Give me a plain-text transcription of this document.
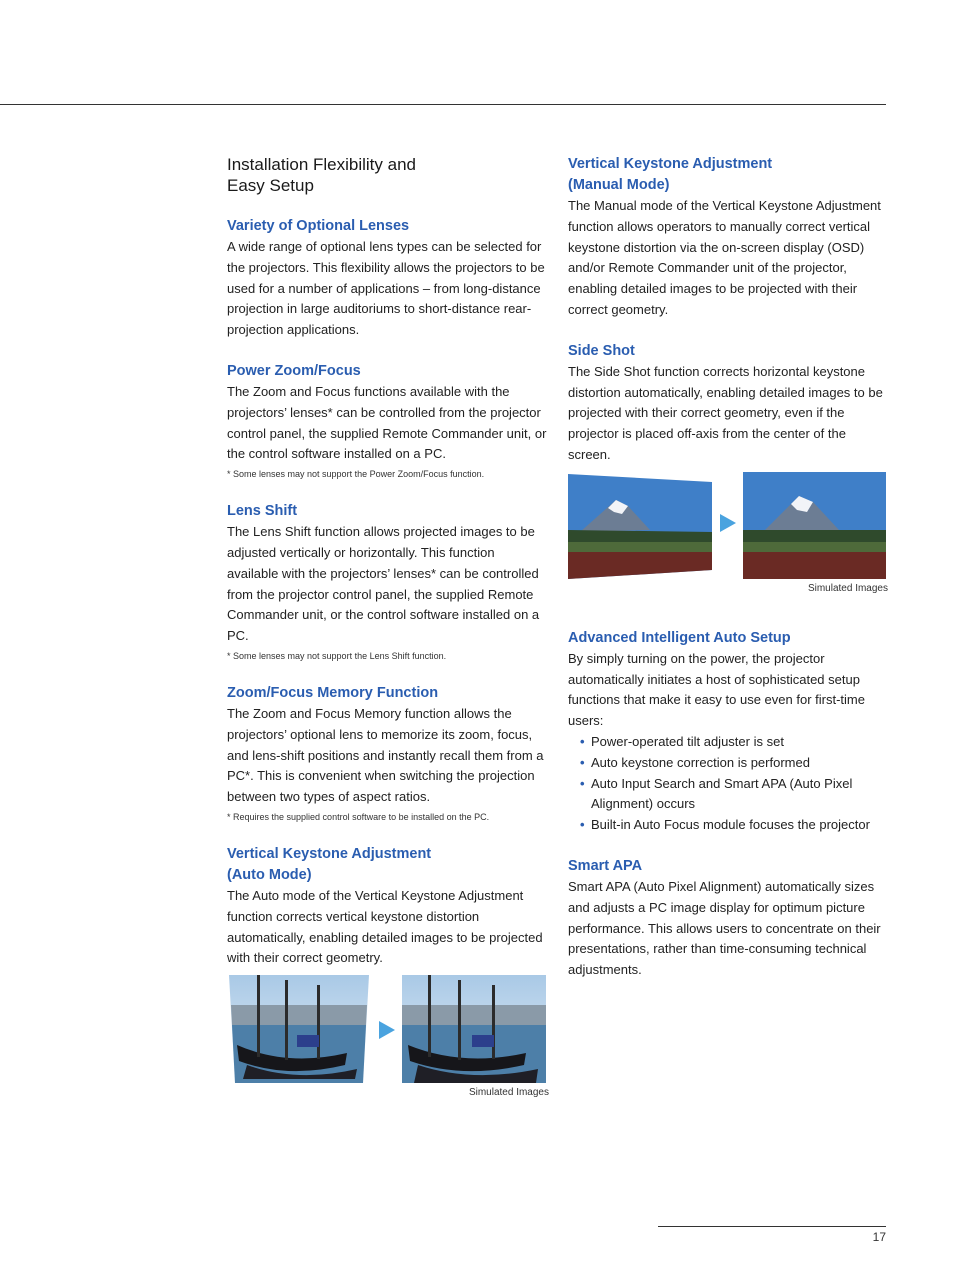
Installation Flexibility and
Easy Setup
Variety of Optional Lenses

A wide range of optional lens types can be selected for the projectors. This flexibility allows the projectors to be used for a number of applications – from long-distance projection in large auditoriums to short-distance rear-projection applications.

Power Zoom/Focus

The Zoom and Focus functions available with the projectors’ lenses* can be controlled from the projector control panel, the supplied Remote Commander unit, or the control software installed on a PC.

* Some lenses may not support the Power Zoom/Focus function.
Lens Shift

The Lens Shift function allows projected images to be adjusted vertically or horizontally. This function available with the projectors’ lenses* can be controlled from the projector control panel, the supplied Remote Commander unit, or the control software installed on a PC.

* Some lenses may not support the Lens Shift function.
Zoom/Focus Memory Function

The Zoom and Focus Memory function allows the projectors’ optional lens to memorize its zoom, focus, and lens-shift positions and instantly recall them from a PC*. This is convenient when switching the projection between two types of aspect ratios.

* Requires the supplied control software to be installed on the PC.
Vertical Keystone Adjustment
(Auto Mode)

The Auto mode of the Vertical Keystone Adjustment function corrects vertical keystone distortion automatically, enabling detailed images to be projected with their correct geometry.

Simulated Images
Vertical Keystone Adjustment
(Manual Mode)

The Manual mode of the Vertical Keystone Adjustment function allows operators to manually correct vertical keystone distortion via the on-screen display (OSD) and/or Remote Commander unit of the projector, enabling detailed images to be projected with their correct geometry.

Side Shot

The Side Shot function corrects horizontal keystone distortion automatically, enabling detailed images to be projected with their correct geometry, even if the projector is placed off-axis from the center of the screen.

Simulated Images
Advanced Intelligent Auto Setup

By simply turning on the power, the projector automatically initiates a host of sophisticated setup functions that make it easy to use even for first-time users:

• Power-operated tilt adjuster is set
• Auto keystone correction is performed
• Auto Input Search and Smart APA (Auto Pixel Alignment) occurs
• Built-in Auto Focus module focuses the projector
Smart APA

Smart APA (Auto Pixel Alignment) automatically sizes and adjusts a PC image display for optimum picture performance. This allows users to concentrate on their presentations, rather than time-consuming technical adjustments.

17
